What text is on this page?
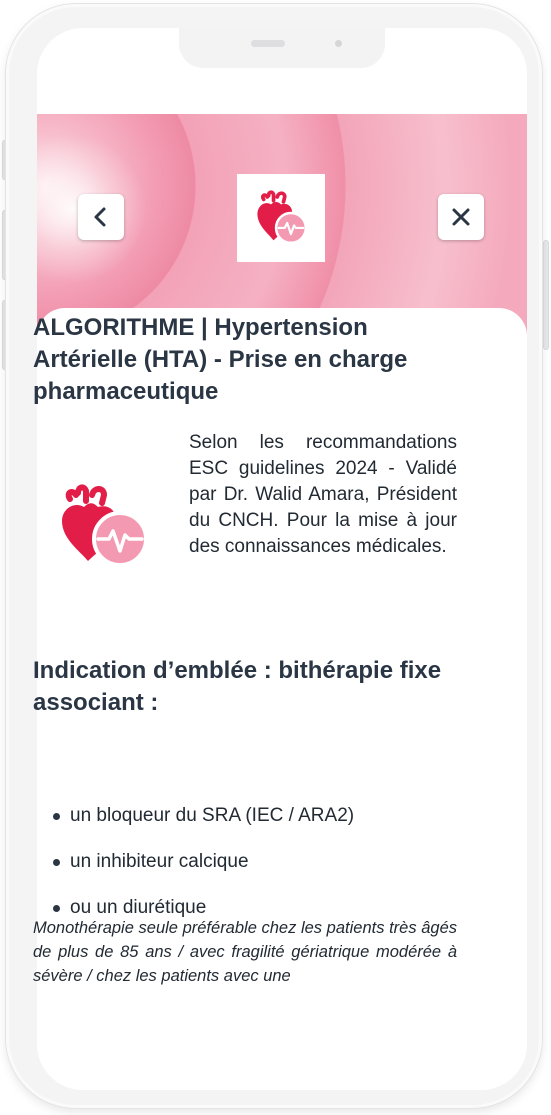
ALGORITHME | Hypertension Artérielle (HTA) - Prise en charge pharmaceutique

Selon les recommandations ESC guidelines 2024 - Validé par Dr. Walid Amara, Président du CNCH. Pour la mise à jour des connaissances médicales.

Indication d’emblée : bithérapie fixe associant :
un bloqueur du SRA (IEC / ARA2)
un inhibiteur calcique
ou un diurétique

Monothérapie seule préférable chez les patients très âgés de plus de 85 ans / avec fragilité gériatrique modérée à sévère / chez les patients avec une
